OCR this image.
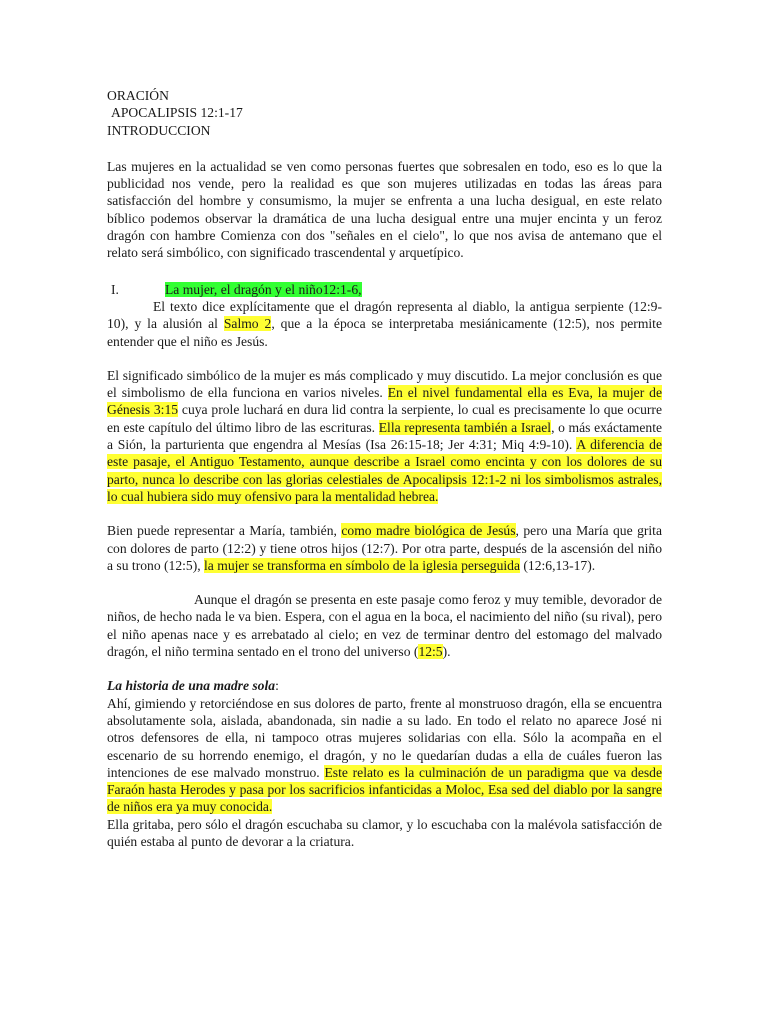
ORACIÓN

APOCALIPSIS 12:1-17

INTRODUCCION

Las mujeres en la actualidad se ven como personas fuertes que sobresalen en todo, eso es lo que la publicidad nos vende, pero la realidad es que son mujeres utilizadas en todas las áreas para satisfacción del hombre y consumismo, la mujer se enfrenta a una lucha desigual, en este relato bíblico podemos observar la dramática de una lucha desigual entre una mujer encinta y un feroz dragón con hambre Comienza con dos "señales en el cielo", lo que nos avisa de antemano que el relato será simbólico, con significado trascendental y arquetípico.

I.	La mujer, el dragón y el niño12:1-6,

El texto dice explícitamente que el dragón representa al diablo, la antigua serpiente (12:9-10), y la alusión al Salmo 2, que a la época se interpretaba mesiánicamente (12:5), nos permite entender que el niño es Jesús.

El significado simbólico de la mujer es más complicado y muy discutido. La mejor conclusión es que el simbolismo de ella funciona en varios niveles. En el nivel fundamental ella es Eva, la mujer de Génesis 3:15 cuya prole luchará en dura lid contra la serpiente, lo cual es precisamente lo que ocurre en este capítulo del último libro de las escrituras. Ella representa también a Israel, o más exáctamente a Sión, la parturienta que engendra al Mesías (Isa 26:15-18; Jer 4:31; Miq 4:9-10). A diferencia de este pasaje, el Antiguo Testamento, aunque describe a Israel como encinta y con los dolores de su parto, nunca lo describe con las glorias celestiales de Apocalipsis 12:1-2 ni los simbolismos astrales, lo cual hubiera sido muy ofensivo para la mentalidad hebrea.

Bien puede representar a María, también, como madre biológica de Jesús, pero una María que grita con dolores de parto (12:2) y tiene otros hijos (12:7). Por otra parte, después de la ascensión del niño a su trono (12:5), la mujer se transforma en símbolo de la iglesia perseguida (12:6,13-17).

Aunque el dragón se presenta en este pasaje como feroz y muy temible, devorador de niños, de hecho nada le va bien. Espera, con el agua en la boca, el nacimiento del niño (su rival), pero el niño apenas nace y es arrebatado al cielo; en vez de terminar dentro del estomago del malvado dragón, el niño termina sentado en el trono del universo (12:5).

La historia de una madre sola:

Ahí, gimiendo y retorciéndose en sus dolores de parto, frente al monstruoso dragón, ella se encuentra absolutamente sola, aislada, abandonada, sin nadie a su lado. En todo el relato no aparece José ni otros defensores de ella, ni tampoco otras mujeres solidarias con ella. Sólo la acompaña en el escenario de su horrendo enemigo, el dragón, y no le quedarían dudas a ella de cuáles fueron las intenciones de ese malvado monstruo. Este relato es la culminación de un paradigma que va desde Faraón hasta Herodes y pasa por los sacrificios infanticidas a Moloc, Esa sed del diablo por la sangre de niños era ya muy conocida.

Ella gritaba, pero sólo el dragón escuchaba su clamor, y lo escuchaba con la malévola satisfacción de quién estaba al punto de devorar a la criatura.
